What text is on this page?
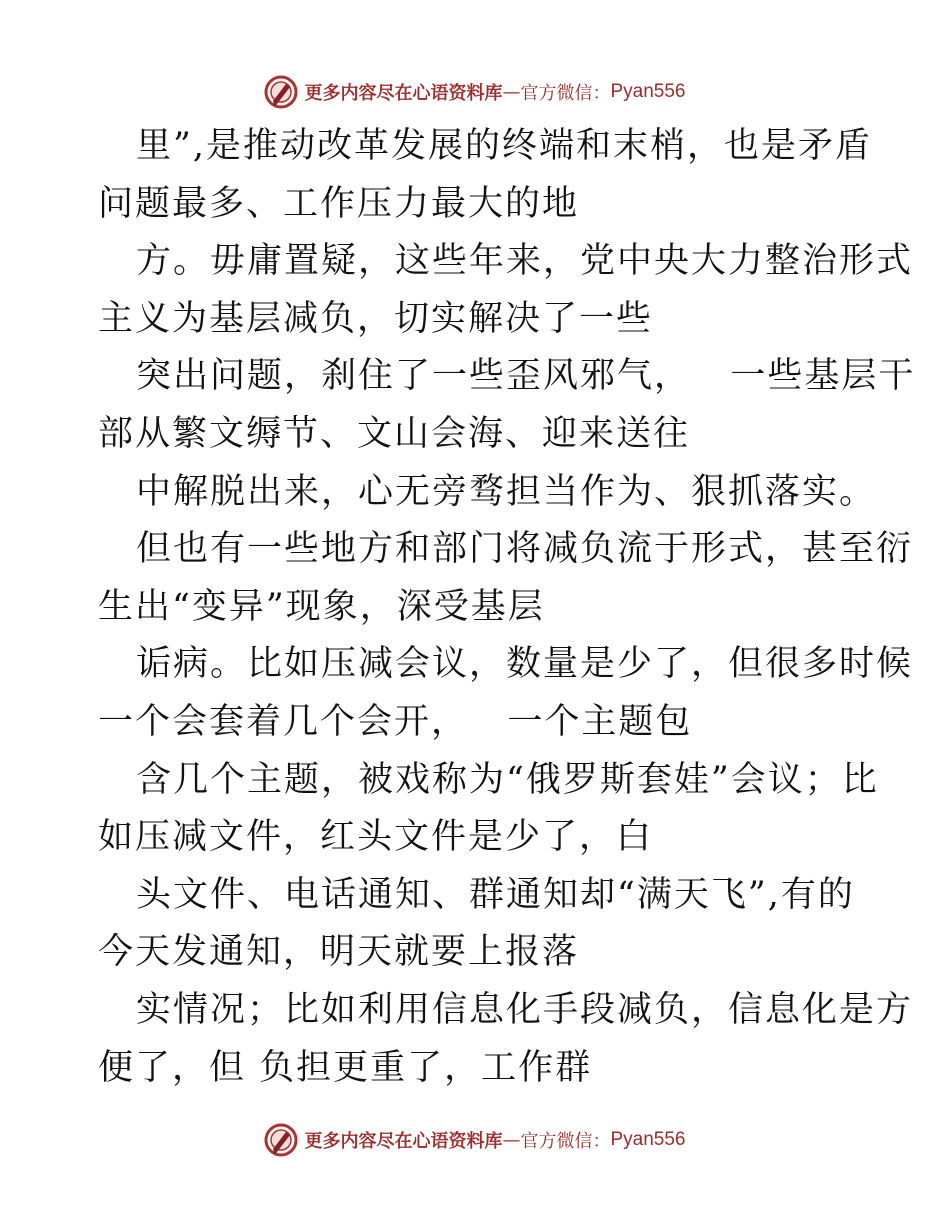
更多内容尽在心语资料库 — 官方微信： Pyan556
里”,是推动改革发展的终端和末梢，也是矛盾
问题最多、工作压力最大的地
方。毋庸置疑，这些年来，党中央大力整治形式
主义为基层减负，切实解决了一些
突出问题，刹住了一些歪风邪气，   一些基层干
部从繁文缛节、文山会海、迎来送往
中解脱出来，心无旁骛担当作为、狠抓落实。
但也有一些地方和部门将减负流于形式，甚至衍
生出“变异”现象，深受基层
诟病。比如压减会议，数量是少了，但很多时候
一个会套着几个会开，   一个主题包
含几个主题，被戏称为“俄罗斯套娃”会议；比
如压减文件，红头文件是少了，白
头文件、电话通知、群通知却“满天飞”,有的
今天发通知，明天就要上报落
实情况；比如利用信息化手段减负，信息化是方
便了，但 负担更重了，工作群
更多内容尽在心语资料库 — 官方微信： Pyan556
